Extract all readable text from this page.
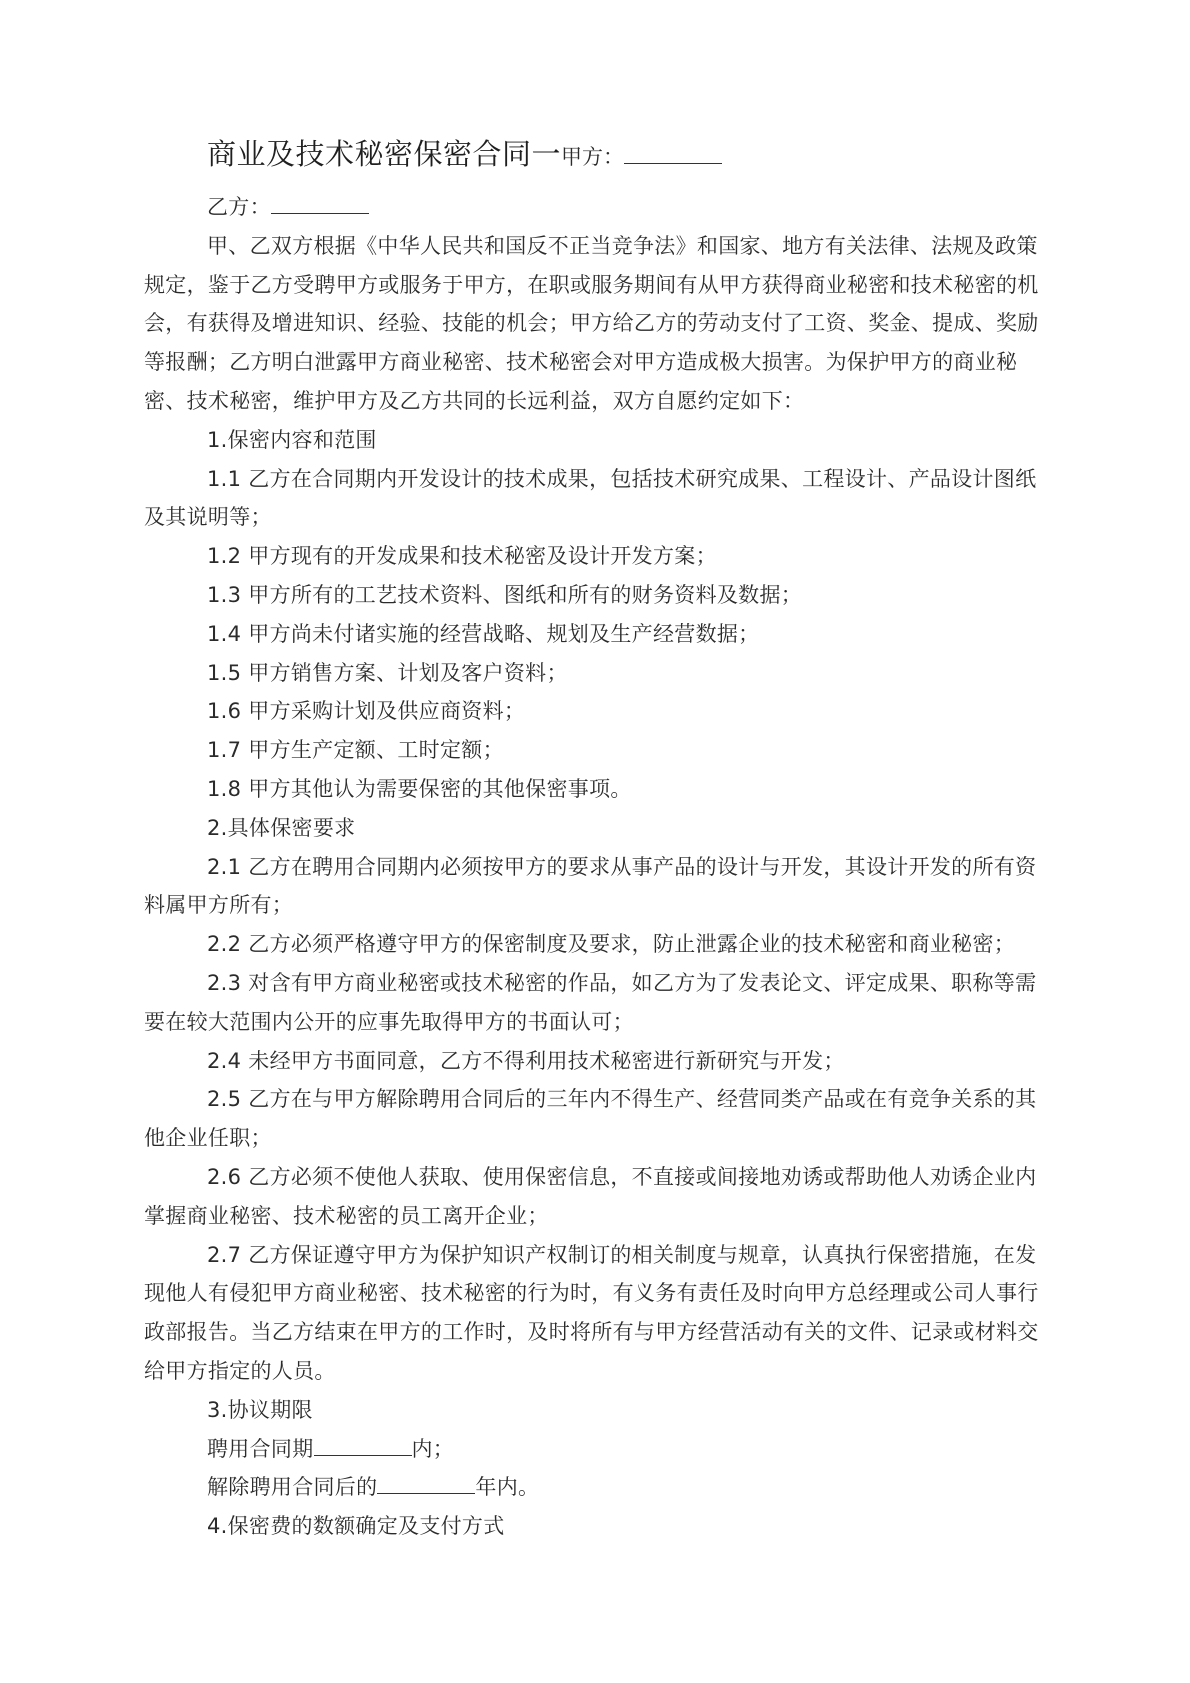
商业及技术秘密保密合同一 甲方：

乙方：

甲、乙双方根据《中华人民共和国反不正当竞争法》和国家、地方有关法律、法规及政策规定，鉴于乙方受聘甲方或服务于甲方，在职或服务期间有从甲方获得商业秘密和技术秘密的机会，有获得及增进知识、经验、技能的机会；甲方给乙方的劳动支付了工资、奖金、提成、奖励等报酬；乙方明白泄露甲方商业秘密、技术秘密会对甲方造成极大损害。为保护甲方的商业秘密、技术秘密，维护甲方及乙方共同的长远利益，双方自愿约定如下：

1.保密内容和范围

1.1 乙方在合同期内开发设计的技术成果，包括技术研究成果、工程设计、产品设计图纸及其说明等；

1.2 甲方现有的开发成果和技术秘密及设计开发方案；

1.3 甲方所有的工艺技术资料、图纸和所有的财务资料及数据；

1.4 甲方尚未付诸实施的经营战略、规划及生产经营数据；

1.5 甲方销售方案、计划及客户资料；

1.6 甲方采购计划及供应商资料；

1.7 甲方生产定额、工时定额；

1.8 甲方其他认为需要保密的其他保密事项。

2.具体保密要求

2.1 乙方在聘用合同期内必须按甲方的要求从事产品的设计与开发，其设计开发的所有资料属甲方所有；

2.2 乙方必须严格遵守甲方的保密制度及要求，防止泄露企业的技术秘密和商业秘密；

2.3 对含有甲方商业秘密或技术秘密的作品，如乙方为了发表论文、评定成果、职称等需要在较大范围内公开的应事先取得甲方的书面认可；

2.4 未经甲方书面同意，乙方不得利用技术秘密进行新研究与开发；

2.5 乙方在与甲方解除聘用合同后的三年内不得生产、经营同类产品或在有竞争关系的其他企业任职；

2.6 乙方必须不使他人获取、使用保密信息，不直接或间接地劝诱或帮助他人劝诱企业内掌握商业秘密、技术秘密的员工离开企业；

2.7 乙方保证遵守甲方为保护知识产权制订的相关制度与规章，认真执行保密措施，在发现他人有侵犯甲方商业秘密、技术秘密的行为时，有义务有责任及时向甲方总经理或公司人事行政部报告。当乙方结束在甲方的工作时，及时将所有与甲方经营活动有关的文件、记录或材料交给甲方指定的人员。

3.协议期限

聘用合同期	内；

解除聘用合同后的	年内。

4.保密费的数额确定及支付方式
